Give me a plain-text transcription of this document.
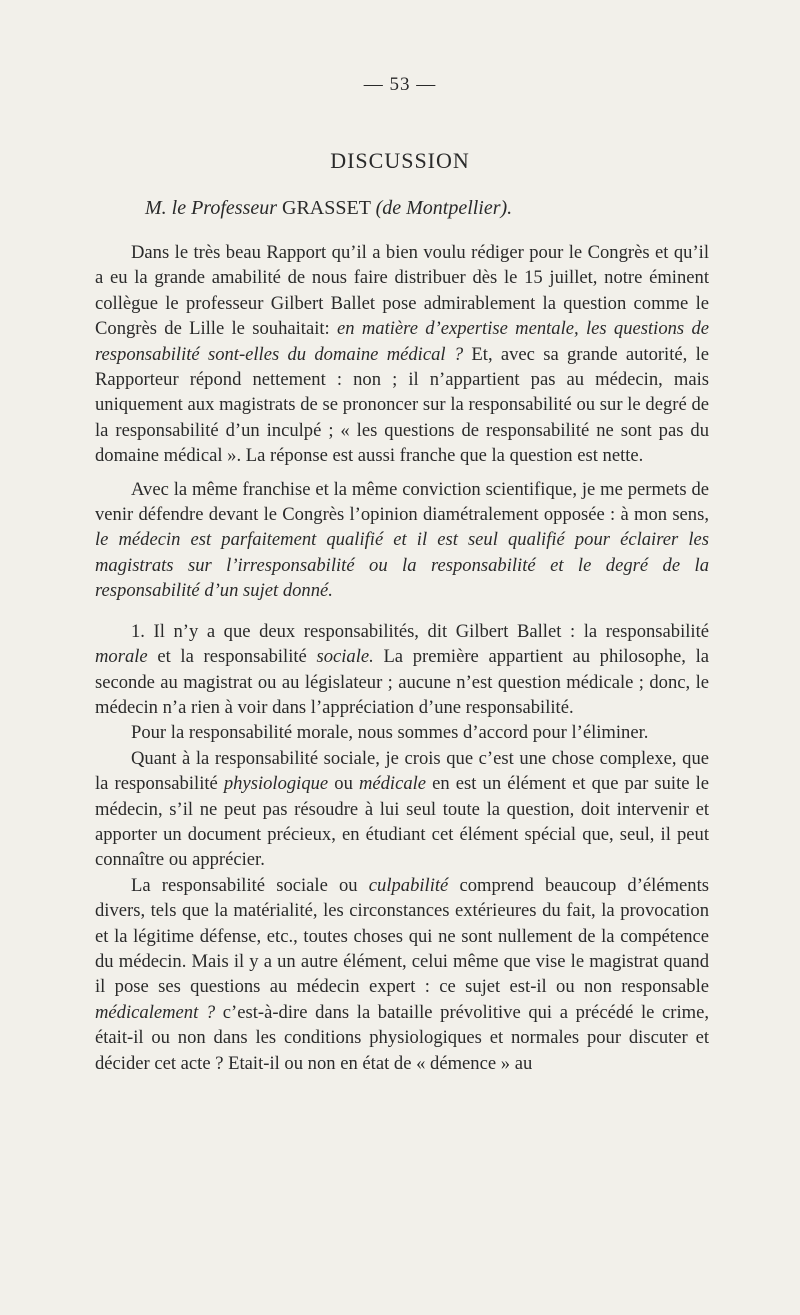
— 53 —
DISCUSSION
M. le Professeur GRASSET (de Montpellier).

Dans le très beau Rapport qu’il a bien voulu rédiger pour le Congrès et qu’il a eu la grande amabilité de nous faire distribuer dès le 15 juillet, notre éminent collègue le professeur Gilbert Ballet pose admirablement la question comme le Congrès de Lille le souhaitait: en matière d’expertise mentale, les questions de responsabilité sont-elles du domaine médical ? Et, avec sa grande autorité, le Rapporteur répond nettement : non ; il n’appartient pas au médecin, mais uniquement aux magistrats de se prononcer sur la responsabilité ou sur le degré de la responsabilité d’un inculpé ; « les questions de responsabilité ne sont pas du domaine médical ». La réponse est aussi franche que la question est nette.

Avec la même franchise et la même conviction scientifique, je me permets de venir défendre devant le Congrès l’opinion diamétralement opposée : à mon sens, le médecin est parfaitement qualifié et il est seul qualifié pour éclairer les magistrats sur l’irresponsabilité ou la responsabilité et le degré de la responsabilité d’un sujet donné.

1. Il n’y a que deux responsabilités, dit Gilbert Ballet : la responsabilité morale et la responsabilité sociale. La première appartient au philosophe, la seconde au magistrat ou au législateur ; aucune n’est question médicale ; donc, le médecin n’a rien à voir dans l’appréciation d’une responsabilité.

Pour la responsabilité morale, nous sommes d’accord pour l’éliminer.

Quant à la responsabilité sociale, je crois que c’est une chose complexe, que la responsabilité physiologique ou médicale en est un élément et que par suite le médecin, s’il ne peut pas résoudre à lui seul toute la question, doit intervenir et apporter un document précieux, en étudiant cet élément spécial que, seul, il peut connaître ou apprécier.

La responsabilité sociale ou culpabilité comprend beaucoup d’éléments divers, tels que la matérialité, les circonstances extérieures du fait, la provocation et la légitime défense, etc., toutes choses qui ne sont nullement de la compétence du médecin. Mais il y a un autre élément, celui même que vise le magistrat quand il pose ses questions au médecin expert : ce sujet est-il ou non responsable médicalement ? c’est-à-dire dans la bataille prévolitive qui a précédé le crime, était-il ou non dans les conditions physiologiques et normales pour discuter et décider cet acte ? Etait-il ou non en état de « démence » au
